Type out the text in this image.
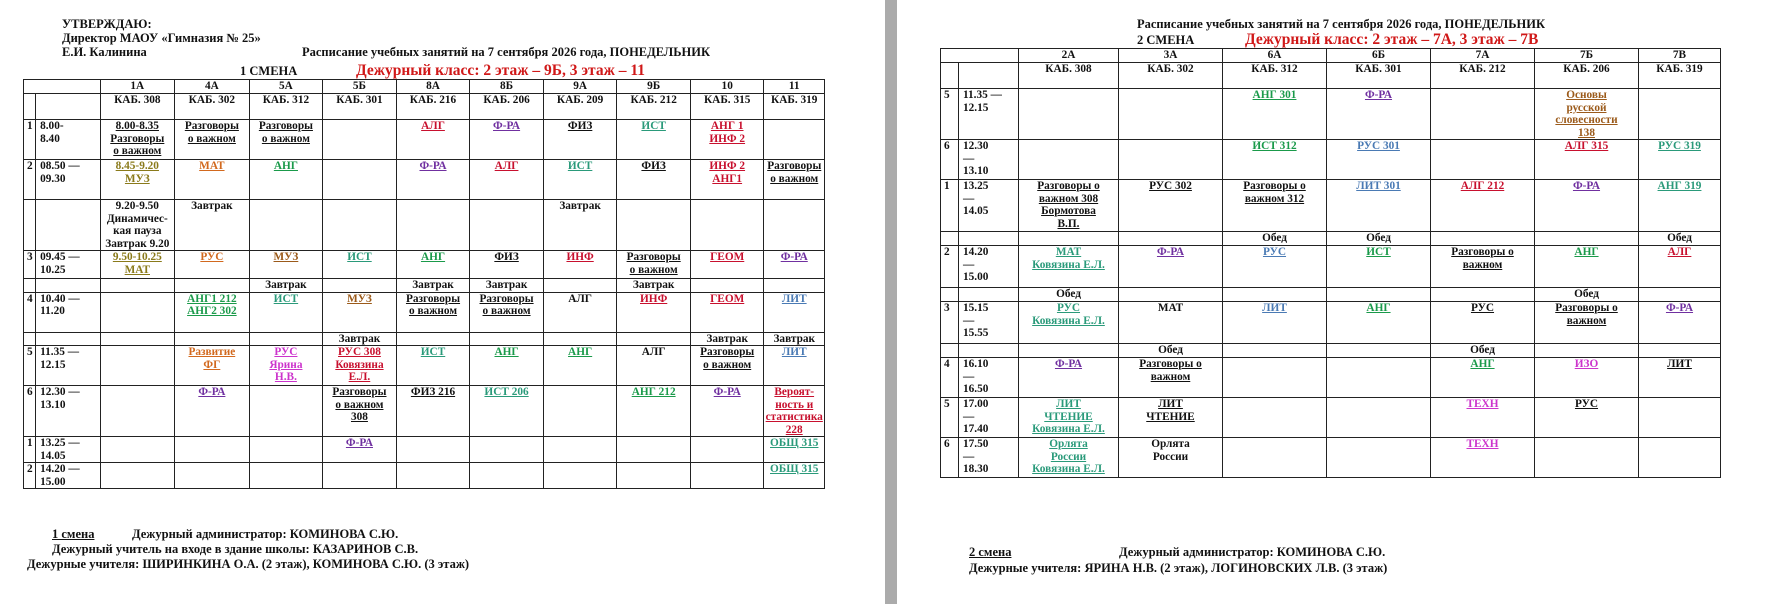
УТВЕРЖДАЮ:
Директор МАОУ «Гимназия № 25»
Е.И. Калинина	Расписание учебных занятий на 7 сентября 2026 года, ПОНЕДЕЛЬНИК
1 СМЕНА	Дежурный класс: 2 этаж – 9Б, 3 этаж – 11
		1А	4А	5А	5Б	8А	8Б	9А	9Б	10	11
		КАБ. 308	КАБ. 302	КАБ. 312	КАБ. 301	КАБ. 216	КАБ. 206	КАБ. 209	КАБ. 212	КАБ. 315	КАБ. 319
1	8.00-
8.40	8.00-8.35
Разговоры
о важном	Разговоры
о важном	Разговоры
о важном		АЛГ	Ф-РА	ФИЗ	ИСТ	АНГ 1
ИНФ 2	
2	08.50 —
09.30	8.45-9.20
МУЗ	МАТ	АНГ		Ф-РА	АЛГ	ИСТ	ФИЗ	ИНФ 2
АНГ1	Разговоры
о важном
		9.20-9.50
Динамичес-
кая пауза
Завтрак 9.20	Завтрак					Завтрак			
3	09.45 —
10.25	9.50-10.25
МАТ	РУС	МУЗ	ИСТ	АНГ	ФИЗ	ИНФ	Разговоры
о важном	ГЕОМ	Ф-РА
				Завтрак		Завтрак	Завтрак		Завтрак		
4	10.40 —
11.20		АНГ1 212
АНГ2 302	ИСТ	МУЗ	Разговоры
о важном	Разговоры
о важном	АЛГ	ИНФ	ГЕОМ	ЛИТ
					Завтрак					Завтрак	Завтрак
5	11.35 —
12.15		Развитие
ФГ	РУС
Ярина
Н.В.	РУС 308
Ковязина
Е.Л.	ИСТ	АНГ	АНГ	АЛГ	Разговоры
о важном	ЛИТ
6	12.30 —
13.10		Ф-РА		Разговоры
о важном
308	ФИЗ 216	ИСТ 206		АНГ 212	Ф-РА	Вероят-
ность и
статистика
228
1	13.25 —
14.05				Ф-РА						ОБЩ 315
2	14.20 —
15.00										ОБЩ 315
1 смена	Дежурный администратор: КОМИНОВА С.Ю.
Дежурный учитель на входе в здание школы: КАЗАРИНОВ С.В.
Дежурные учителя: ШИРИНКИНА О.А. (2 этаж), КОМИНОВА С.Ю. (3 этаж)
Расписание учебных занятий на 7 сентября 2026 года, ПОНЕДЕЛЬНИК
2 СМЕНА	Дежурный класс: 2 этаж – 7А, 3 этаж – 7В
		2А	3А	6А	6Б	7А	7Б	7В
		КАБ. 308	КАБ. 302	КАБ. 312	КАБ. 301	КАБ. 212	КАБ. 206	КАБ. 319
5	11.35 —
12.15			АНГ 301	Ф-РА		Основы
русской
словесности
138	
6	12.30
—
13.10			ИСТ 312	РУС 301		АЛГ 315	РУС 319
1	13.25
—
14.05	Разговоры о
важном 308
Бормотова
В.П.	РУС 302	Разговоры о
важном 312	ЛИТ 301	АЛГ 212	Ф-РА	АНГ 319
				Обед	Обед			Обед
2	14.20
—
15.00	МАТ
Ковязина Е.Л.	Ф-РА	РУС	ИСТ	Разговоры о
важном	АНГ	АЛГ
		Обед					Обед	
3	15.15
—
15.55	РУС
Ковязина Е.Л.	МАТ	ЛИТ	АНГ	РУС	Разговоры о
важном	Ф-РА
			Обед			Обед		
4	16.10
—
16.50	Ф-РА	Разговоры о
важном			АНГ	ИЗО	ЛИТ
5	17.00
—
17.40	ЛИТ
ЧТЕНИЕ
Ковязина Е.Л.	ЛИТ
ЧТЕНИЕ			ТЕХН	РУС	
6	17.50
—
18.30	Орлята
России
Ковязина Е.Л.	Орлята
России			ТЕХН		
2 смена	Дежурный администратор: КОМИНОВА С.Ю.
Дежурные учителя: ЯРИНА Н.В. (2 этаж), ЛОГИНОВСКИХ Л.В. (3 этаж)
